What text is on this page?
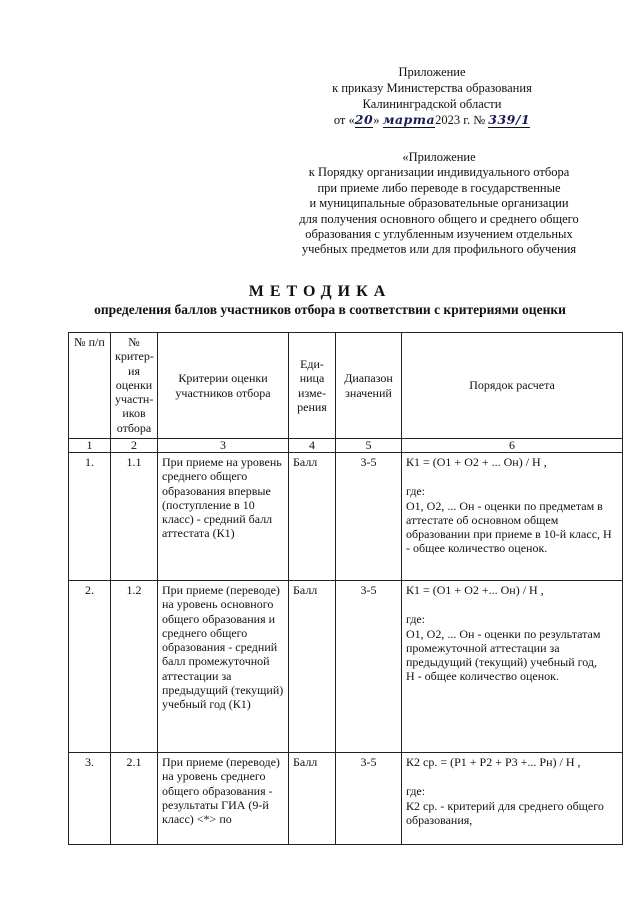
Приложение
к приказу Министерства образования
Калининградской области
от «20» марта2023 г. № 339/1
«Приложение
к Порядку организации индивидуального отбора
при приеме либо переводе в государственные
и муниципальные образовательные организации
для получения основного общего и среднего общего
образования с углубленным изучением отдельных
учебных предметов или для профильного обучения
МЕТОДИКА
определения баллов участников отбора в соответствии с критериями оценки
№ п/п	№ критер-ия оценки участн-иков отбора	Критерии оценки участников отбора	Еди-ница изме-рения	Диапазон значений	Порядок расчета
1	2	3	4	5	6
1.	1.1	При приеме на уровень среднего общего образования впервые (поступление в 10 класс) - средний балл аттестата (К1)	Балл	3-5	К1 = (О1 + О2 + ... Он) / Н ,
где:
О1, О2, ... Он - оценки по предметам в аттестате об основном общем образовании при приеме в 10-й класс, Н - общее количество оценок.

2.	1.2	При приеме (переводе) на уровень основного общего образования и среднего общего образования - средний балл промежуточной аттестации за предыдущий (текущий) учебный год (К1)	Балл	3-5	К1 = (О1 + О2 +... Он) / Н ,
где:
О1, О2, ... Он - оценки по результатам промежуточной аттестации за предыдущий (текущий) учебный год,
Н - общее количество оценок.

3.	2.1	При приеме (переводе) на уровень среднего общего образования - результаты ГИА (9-й класс) <*> по	Балл	3-5	К2 ср. = (Р1 + Р2 + Р3 +... Рн) / Н ,
где:
К2 ср. - критерий для среднего общего образования,
